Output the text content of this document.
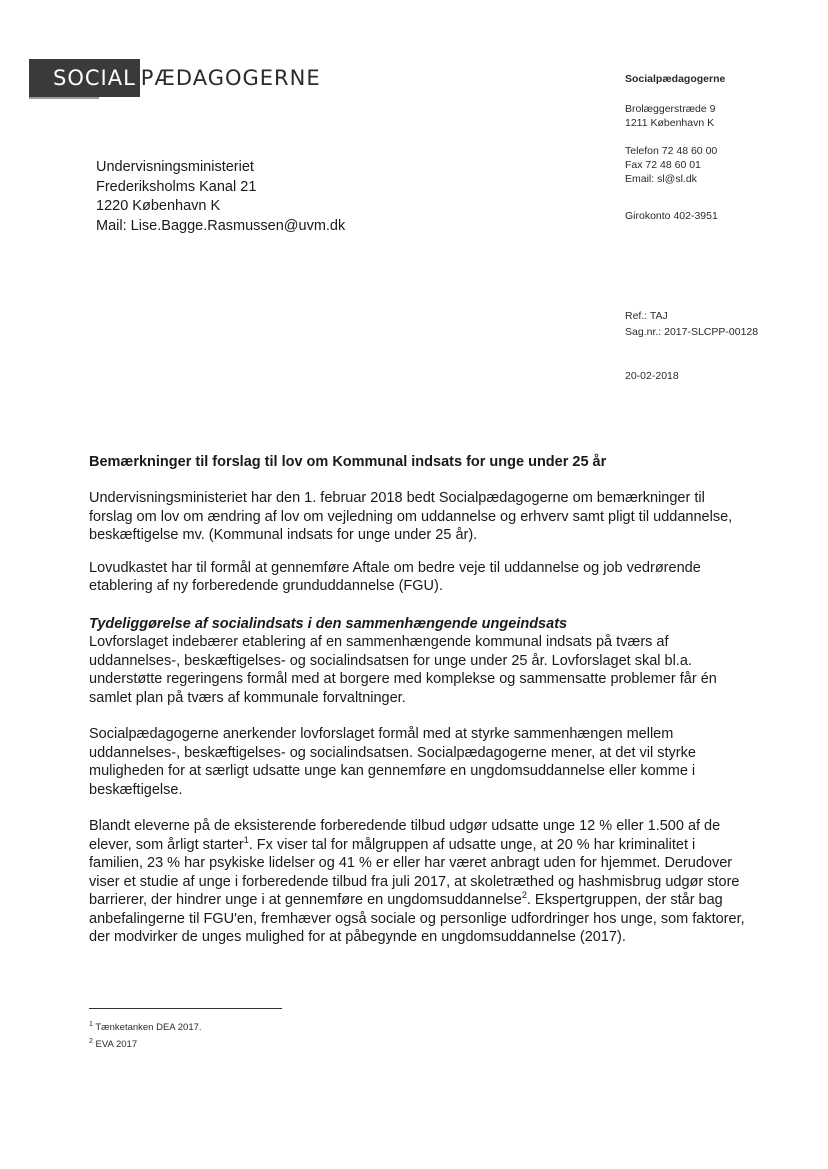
SOCIAL PÆDAGOGERNE	Socialpædagogerne
Brolæggerstræde 9
1211 København K
Telefon 72 48 60 00
Fax 72 48 60 01
Email: sl@sl.dk
Girokonto 402-3951
Undervisningsministeriet
Frederiksholms Kanal 21
1220 København K
Mail: Lise.Bagge.Rasmussen@uvm.dk
Ref.: TAJ
Sag.nr.: 2017-SLCPP-00128
20-02-2018
Bemærkninger til forslag til lov om Kommunal indsats for unge under 25 år

Undervisningsministeriet har den 1. februar 2018 bedt Socialpædagogerne om bemærkninger til forslag om lov om ændring af lov om vejledning om uddannelse og erhverv samt pligt til uddannelse, beskæftigelse mv. (Kommunal indsats for unge under 25 år).

Lovudkastet har til formål at gennemføre Aftale om bedre veje til uddannelse og job vedrørende etablering af ny forberedende grunduddannelse (FGU).

Tydeliggørelse af socialindsats i den sammenhængende ungeindsats

Lovforslaget indebærer etablering af en sammenhængende kommunal indsats på tværs af uddannelses-, beskæftigelses- og socialindsatsen for unge under 25 år. Lovforslaget skal bl.a. understøtte regeringens formål med at borgere med komplekse og sammensatte problemer får én samlet plan på tværs af kommunale forvaltninger.

Socialpædagogerne anerkender lovforslaget formål med at styrke sammenhængen mellem uddannelses-, beskæftigelses- og socialindsatsen. Socialpædagogerne mener, at det vil styrke muligheden for at særligt udsatte unge kan gennemføre en ungdomsuddannelse eller komme i beskæftigelse.

Blandt eleverne på de eksisterende forberedende tilbud udgør udsatte unge 12 % eller 1.500 af de elever, som årligt starter$^1$. Fx viser tal for målgruppen af udsatte unge, at 20 % har kriminalitet i familien, 23 % har psykiske lidelser og 41 % er eller har været anbragt uden for hjemmet. Derudover viser et studie af unge i forberedende tilbud fra juli 2017, at skoletræthed og hashmisbrug udgør store barrierer, der hindrer unge i at gennemføre en ungdomsuddannelse$^2$. Ekspertgruppen, der står bag anbefalingerne til FGU'en, fremhæver også sociale og personlige udfordringer hos unge, som faktorer, der modvirker de unges mulighed for at påbegynde en ungdomsuddannelse (2017).

$^1$ Tænketanken DEA 2017.
$^2$ EVA 2017
